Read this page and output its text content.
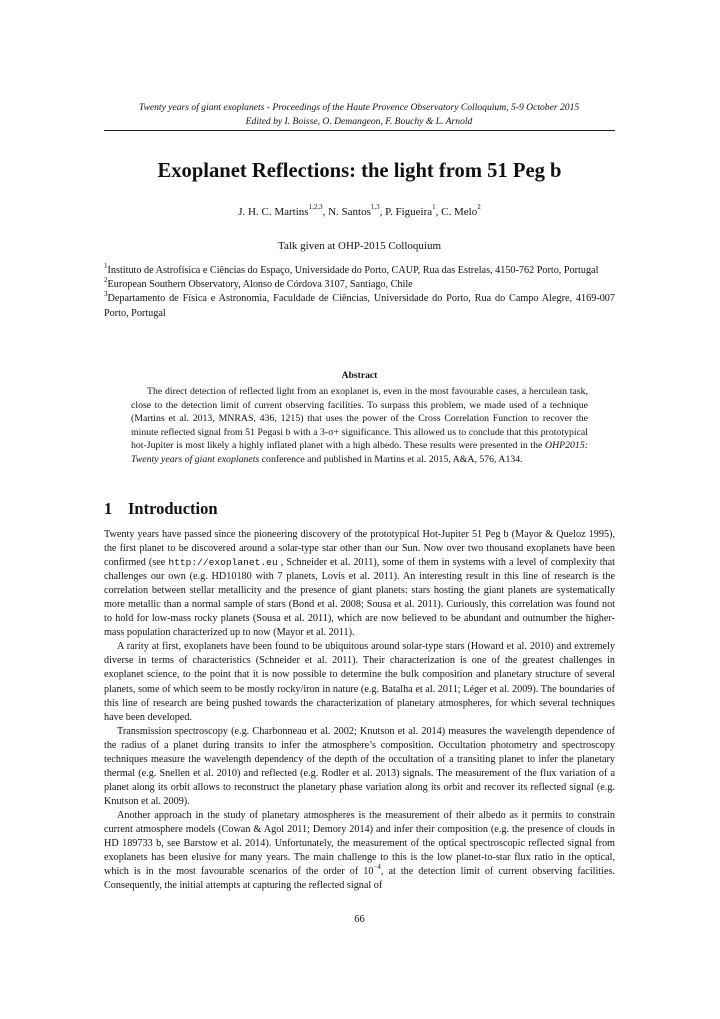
Twenty years of giant exoplanets - Proceedings of the Haute Provence Observatory Colloquium, 5-9 October 2015
Edited by I. Boisse, O. Demangeon, F. Bouchy & L. Arnold
Exoplanet Reflections: the light from 51 Peg b
J. H. C. Martins$^{1,2,3}$, N. Santos$^{1,3}$, P. Figueira$^1$, C. Melo$^2$
Talk given at OHP-2015 Colloquium

$^1$Instituto de Astrofísica e Ciências do Espaço, Universidade do Porto, CAUP, Rua das Estrelas, 4150-762 Porto, Portugal

$^2$European Southern Observatory, Alonso de Córdova 3107, Santiago, Chile

$^3$Departamento de Física e Astronomia, Faculdade de Ciências, Universidade do Porto, Rua do Campo Alegre, 4169-007 Porto, Portugal

Abstract

The direct detection of reflected light from an exoplanet is, even in the most favourable cases, a herculean task, close to the detection limit of current observing facilities. To surpass this problem, we made used of a technique (Martins et al. 2013, MNRAS, 436, 1215) that uses the power of the Cross Correlation Function to recover the minute reflected signal from 51 Pegasi b with a 3-σ+ significance. This allowed us to conclude that this prototypical hot-Jupiter is most likely a highly inflated planet with a high albedo. These results were presented in the OHP2015: Twenty years of giant exoplanets conference and published in Martins et al. 2015, A&A, 576, A134.

1 Introduction

Twenty years have passed since the pioneering discovery of the prototypical Hot-Jupiter 51 Peg b (Mayor & Queloz 1995), the first planet to be discovered around a solar-type star other than our Sun. Now over two thousand exoplanets have been confirmed (see http://exoplanet.eu , Schneider et al. 2011), some of them in systems with a level of complexity that challenges our own (e.g. HD10180 with 7 planets, Lovis et al. 2011). An interesting result in this line of research is the correlation between stellar metallicity and the presence of giant planets: stars hosting the giant planets are systematically more metallic than a normal sample of stars (Bond et al. 2008; Sousa et al. 2011). Curiously, this correlation was found not to hold for low-mass rocky planets (Sousa et al. 2011), which are now believed to be abundant and outnumber the higher-mass population characterized up to now (Mayor et al. 2011).

A rarity at first, exoplanets have been found to be ubiquitous around solar-type stars (Howard et al. 2010) and extremely diverse in terms of characteristics (Schneider et al. 2011). Their characterization is one of the greatest challenges in exoplanet science, to the point that it is now possible to determine the bulk composition and planetary structure of several planets, some of which seem to be mostly rocky/iron in nature (e.g. Batalha et al. 2011; Léger et al. 2009). The boundaries of this line of research are being pushed towards the characterization of planetary atmospheres, for which several techniques have been developed.

Transmission spectroscopy (e.g. Charbonneau et al. 2002; Knutson et al. 2014) measures the wavelength dependence of the radius of a planet during transits to infer the atmosphere’s composition. Occultation photometry and spectroscopy techniques measure the wavelength dependency of the depth of the occultation of a transiting planet to infer the planetary thermal (e.g. Snellen et al. 2010) and reflected (e.g. Rodler et al. 2013) signals. The measurement of the flux variation of a planet along its orbit allows to reconstruct the planetary phase variation along its orbit and recover its reflected signal (e.g. Knutson et al. 2009).

Another approach in the study of planetary atmospheres is the measurement of their albedo as it permits to constrain current atmosphere models (Cowan & Agol 2011; Demory 2014) and infer their composition (e.g. the presence of clouds in HD 189733 b, see Barstow et al. 2014). Unfortunately, the measurement of the optical spectroscopic reflected signal from exoplanets has been elusive for many years. The main challenge to this is the low planet-to-star flux ratio in the optical, which is in the most favourable scenarios of the order of $10^{-4}$, at the detection limit of current observing facilities. Consequently, the initial attempts at capturing the reflected signal of

66
